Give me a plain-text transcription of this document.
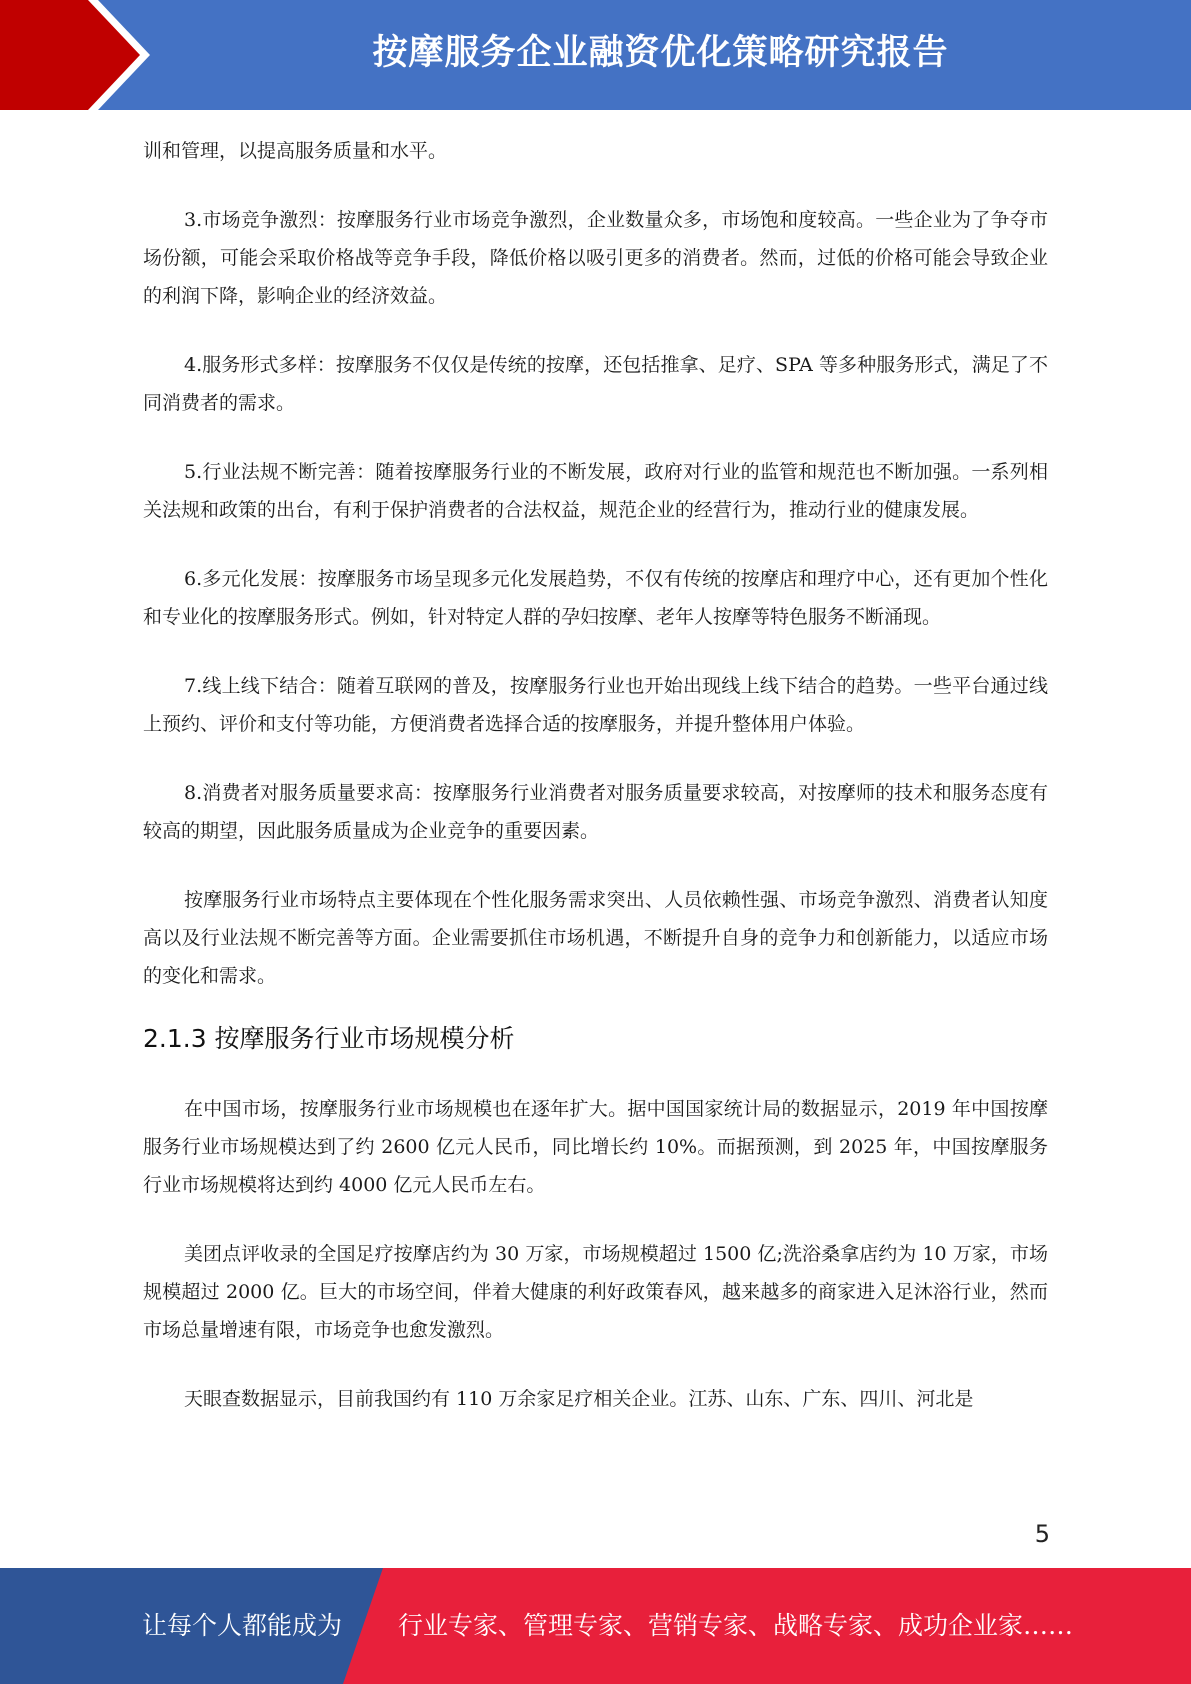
按摩服务企业融资优化策略研究报告

训和管理，以提高服务质量和水平。

3.市场竞争激烈：按摩服务行业市场竞争激烈，企业数量众多，市场饱和度较高。一些企业为了争夺市场份额，可能会采取价格战等竞争手段，降低价格以吸引更多的消费者。然而，过低的价格可能会导致企业的利润下降，影响企业的经济效益。

4.服务形式多样：按摩服务不仅仅是传统的按摩，还包括推拿、足疗、SPA 等多种服务形式，满足了不同消费者的需求。

5.行业法规不断完善：随着按摩服务行业的不断发展，政府对行业的监管和规范也不断加强。一系列相关法规和政策的出台，有利于保护消费者的合法权益，规范企业的经营行为，推动行业的健康发展。

6.多元化发展：按摩服务市场呈现多元化发展趋势，不仅有传统的按摩店和理疗中心，还有更加个性化和专业化的按摩服务形式。例如，针对特定人群的孕妇按摩、老年人按摩等特色服务不断涌现。

7.线上线下结合：随着互联网的普及，按摩服务行业也开始出现线上线下结合的趋势。一些平台通过线上预约、评价和支付等功能，方便消费者选择合适的按摩服务，并提升整体用户体验。

8.消费者对服务质量要求高：按摩服务行业消费者对服务质量要求较高，对按摩师的技术和服务态度有较高的期望，因此服务质量成为企业竞争的重要因素。

按摩服务行业市场特点主要体现在个性化服务需求突出、人员依赖性强、市场竞争激烈、消费者认知度高以及行业法规不断完善等方面。企业需要抓住市场机遇，不断提升自身的竞争力和创新能力，以适应市场的变化和需求。

2.1.3 按摩服务行业市场规模分析

在中国市场，按摩服务行业市场规模也在逐年扩大。据中国国家统计局的数据显示，2019 年中国按摩服务行业市场规模达到了约 2600 亿元人民币，同比增长约 10%。而据预测，到 2025 年，中国按摩服务行业市场规模将达到约 4000 亿元人民币左右。

美团点评收录的全国足疗按摩店约为 30 万家，市场规模超过 1500 亿;洗浴桑拿店约为 10 万家，市场规模超过 2000 亿。巨大的市场空间，伴着大健康的利好政策春风，越来越多的商家进入足沐浴行业，然而市场总量增速有限，市场竞争也愈发激烈。

天眼查数据显示，目前我国约有 110 万余家足疗相关企业。江苏、山东、广东、四川、河北是

5
让每个人都能成为 行业专家、管理专家、营销专家、战略专家、成功企业家……
